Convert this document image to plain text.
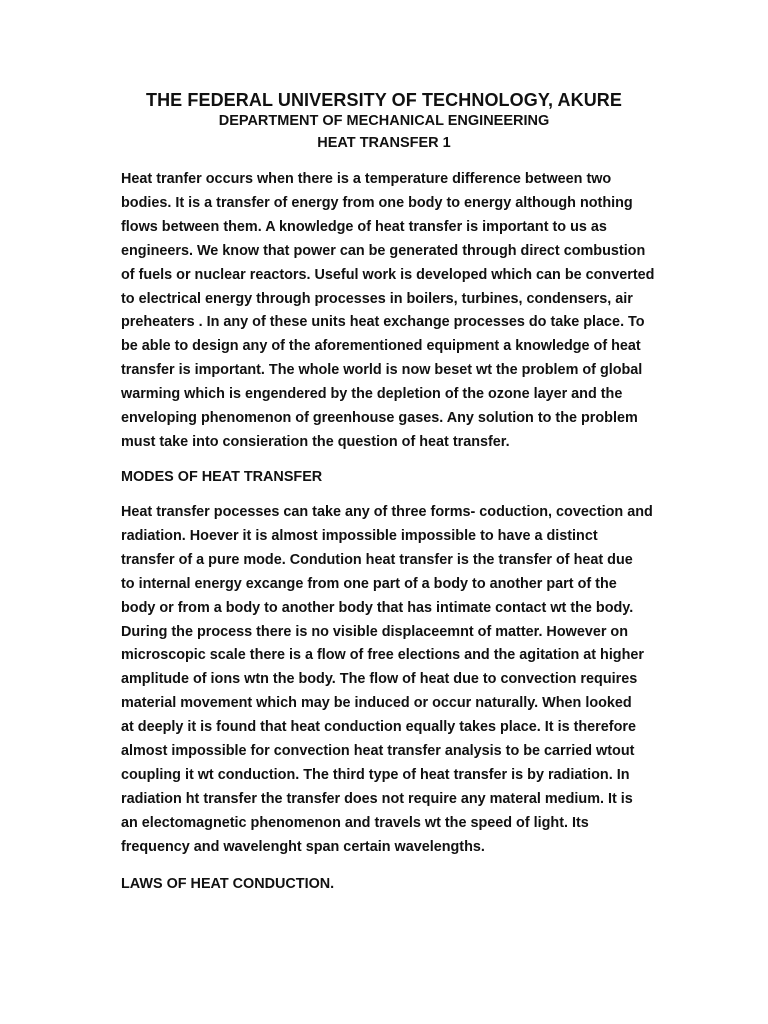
THE FEDERAL UNIVERSITY OF TECHNOLOGY, AKURE
DEPARTMENT OF MECHANICAL ENGINEERING
HEAT TRANSFER 1
Heat tranfer occurs when there is a temperature difference between two
bodies. It is a transfer of energy from one body to energy although nothing
flows between them. A knowledge of heat transfer is important to us as
engineers. We know that power can be generated through direct combustion
of fuels or nuclear reactors. Useful work is developed which can be converted
to electrical energy through processes in boilers, turbines, condensers, air
preheaters . In any of these units heat exchange processes do take place. To
be able to design any of the aforementioned equipment a knowledge of heat
transfer is important. The whole world is now beset wt the problem of global
warming which is engendered by the depletion of the ozone layer and the
enveloping phenomenon of greenhouse gases. Any solution to the problem
must take into consieration the question of heat transfer.
MODES OF HEAT TRANSFER
Heat transfer pocesses can take any of three forms- coduction, covection and
radiation. Hoever it is almost impossible impossible to have a distinct
transfer of a pure mode. Condution heat transfer is the transfer of heat due
to internal energy excange from one part of a body to another part of the
body or from a body to another body that has intimate contact wt the body.
During the process there is no visible displaceemnt of matter. However on
microscopic scale there is a flow of free elections and the agitation at higher
amplitude of ions wtn the body. The flow of heat due to convection requires
material movement which may be induced or occur naturally. When looked
at deeply it is found that heat conduction equally takes place. It is therefore
almost impossible for convection heat transfer analysis to be carried wtout
coupling it wt conduction. The third type of heat transfer is by radiation. In
radiation ht transfer the transfer does not require any materal medium. It is
an electomagnetic phenomenon and travels wt the speed of light. Its
frequency and wavelenght span certain wavelengths.
LAWS OF HEAT CONDUCTION.
